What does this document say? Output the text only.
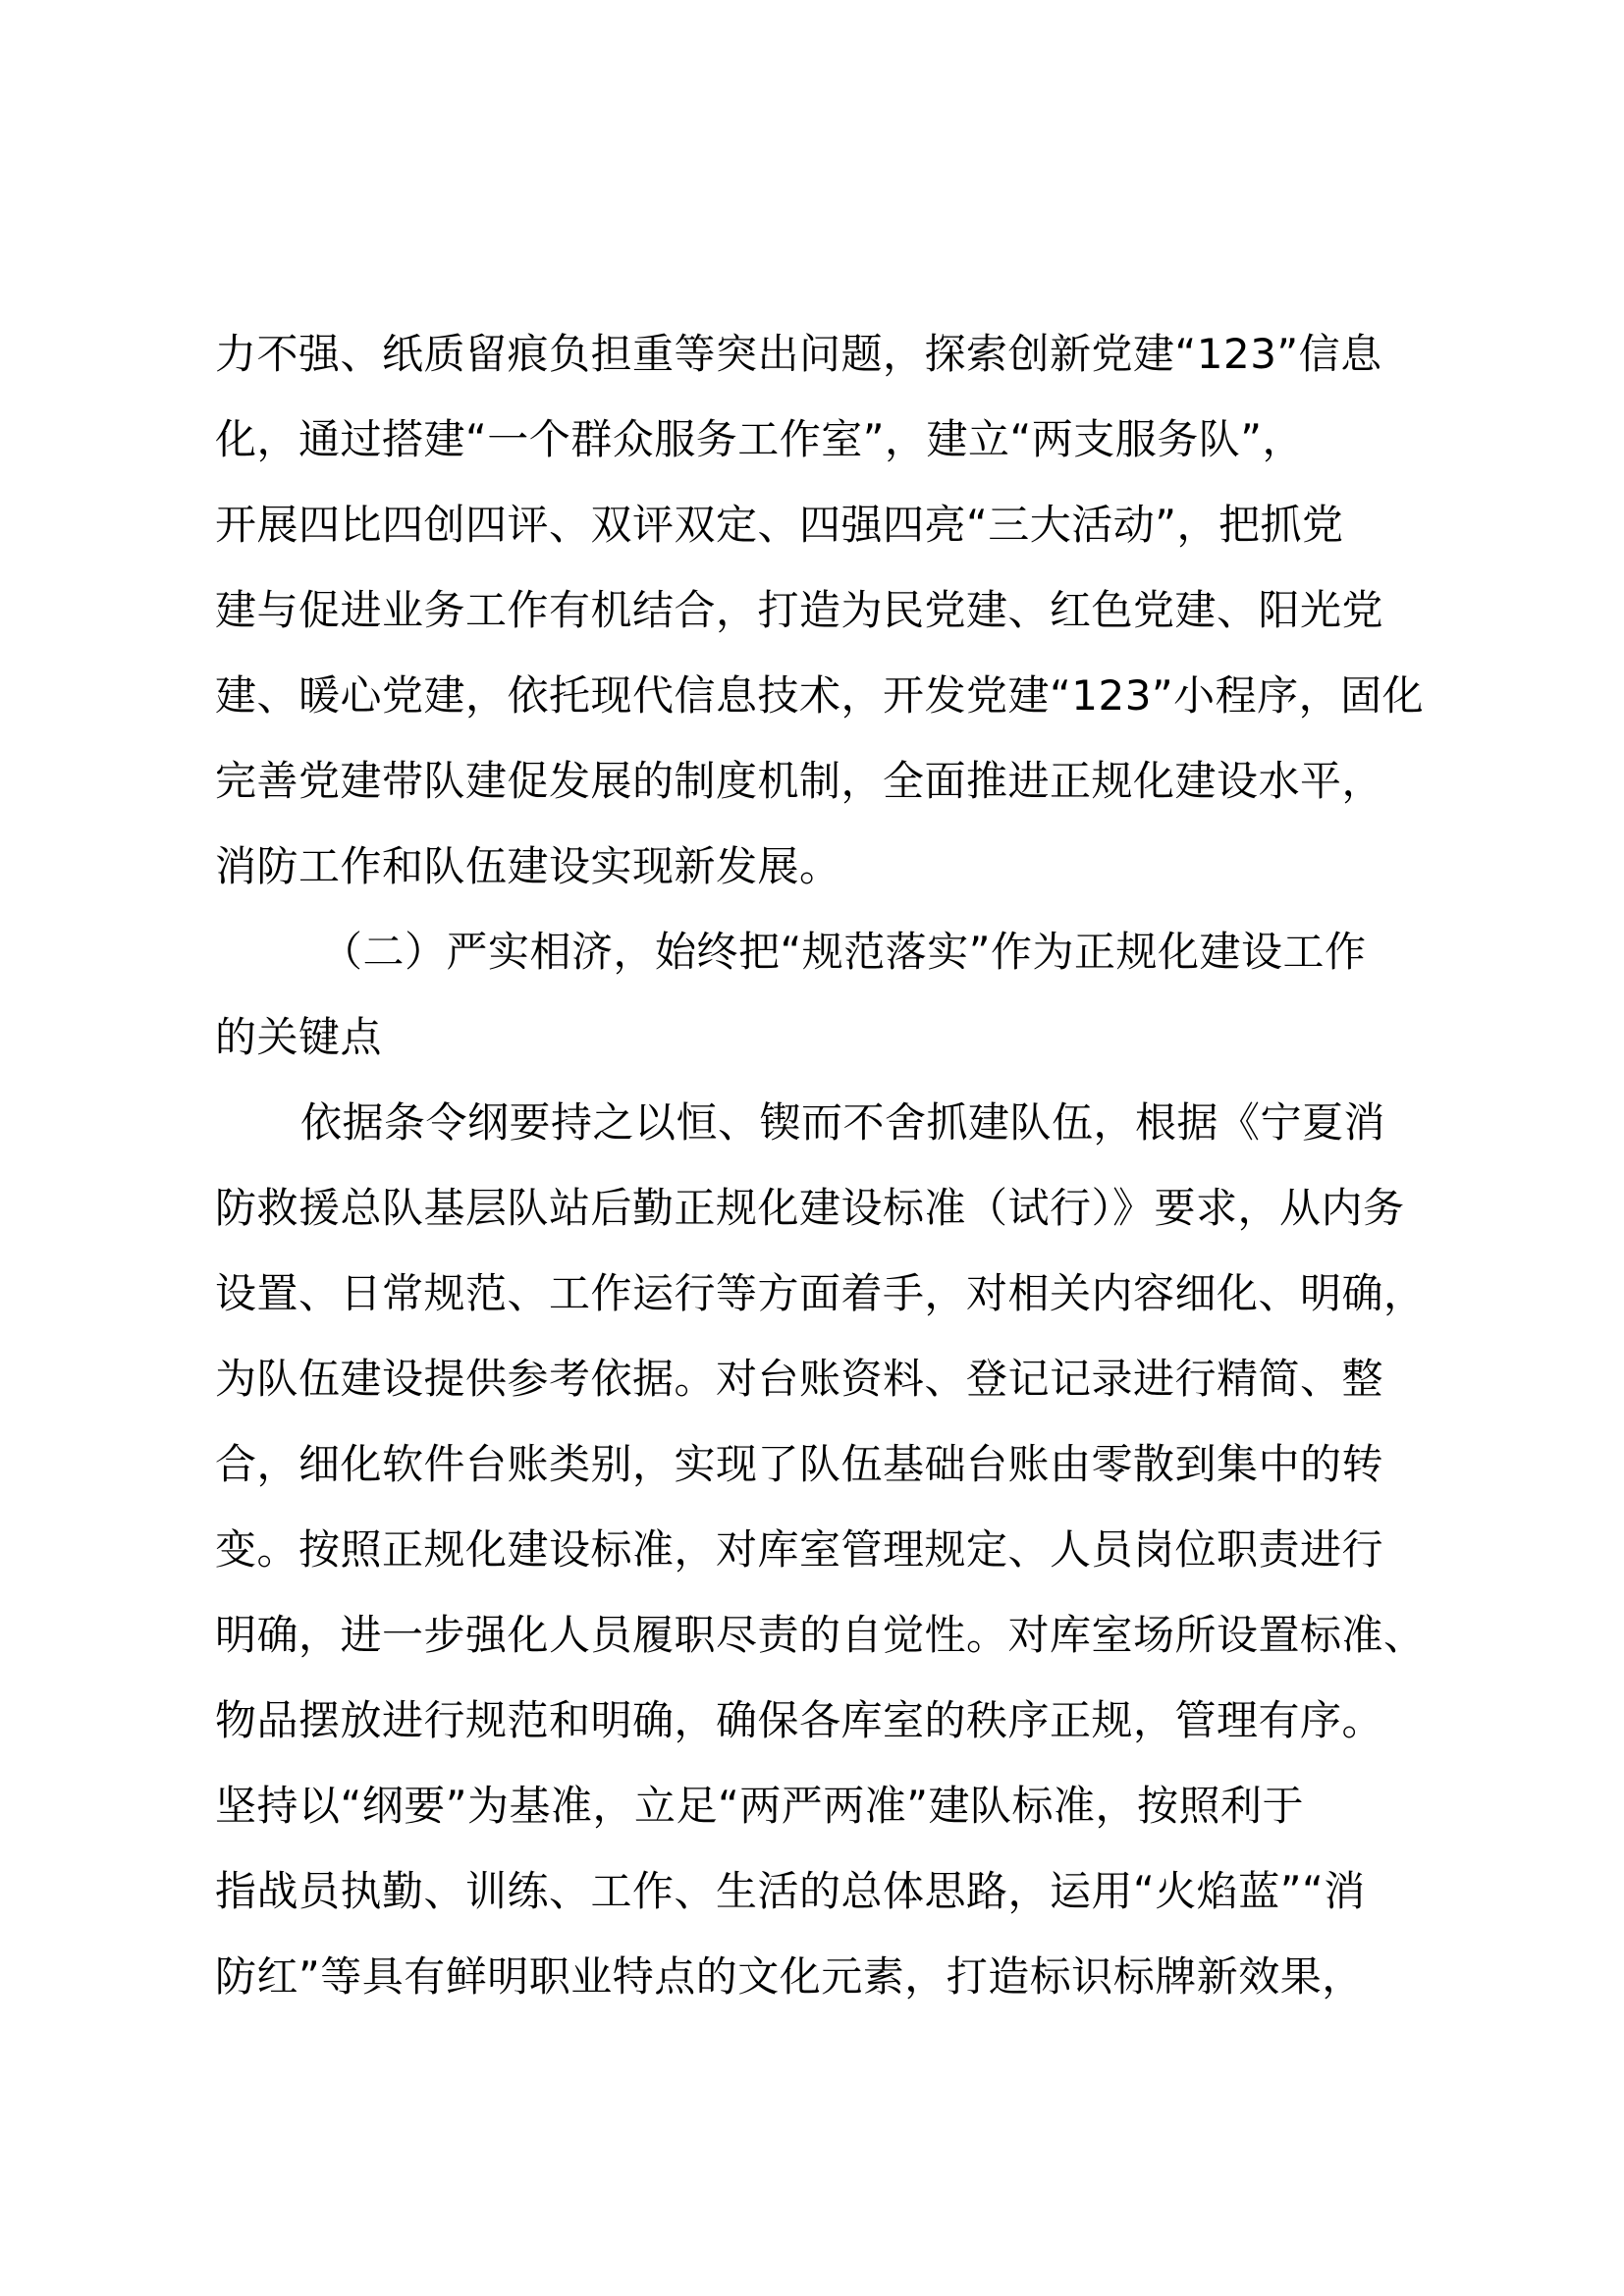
力不强、纸质留痕负担重等突出问题，探索创新党建“123”信息
化，通过搭建“一个群众服务工作室”，建立“两支服务队”，
开展四比四创四评、双评双定、四强四亮“三大活动”，把抓党
建与促进业务工作有机结合，打造为民党建、红色党建、阳光党
建、暖心党建，依托现代信息技术，开发党建“123”小程序，固化
完善党建带队建促发展的制度机制，全面推进正规化建设水平，
消防工作和队伍建设实现新发展。
（二）严实相济，始终把“规范落实”作为正规化建设工作
的关键点
依据条令纲要持之以恒、锲而不舍抓建队伍，根据《宁夏消
防救援总队基层队站后勤正规化建设标准（试行）》要求，从内务
设置、日常规范、工作运行等方面着手，对相关内容细化、明确，
为队伍建设提供参考依据。对台账资料、登记记录进行精简、整
合，细化软件台账类别，实现了队伍基础台账由零散到集中的转
变。按照正规化建设标准，对库室管理规定、人员岗位职责进行
明确，进一步强化人员履职尽责的自觉性。对库室场所设置标准、
物品摆放进行规范和明确，确保各库室的秩序正规，管理有序。
坚持以“纲要”为基准，立足“两严两准”建队标准，按照利于
指战员执勤、训练、工作、生活的总体思路，运用“火焰蓝”“消
防红”等具有鲜明职业特点的文化元素，打造标识标牌新效果，
